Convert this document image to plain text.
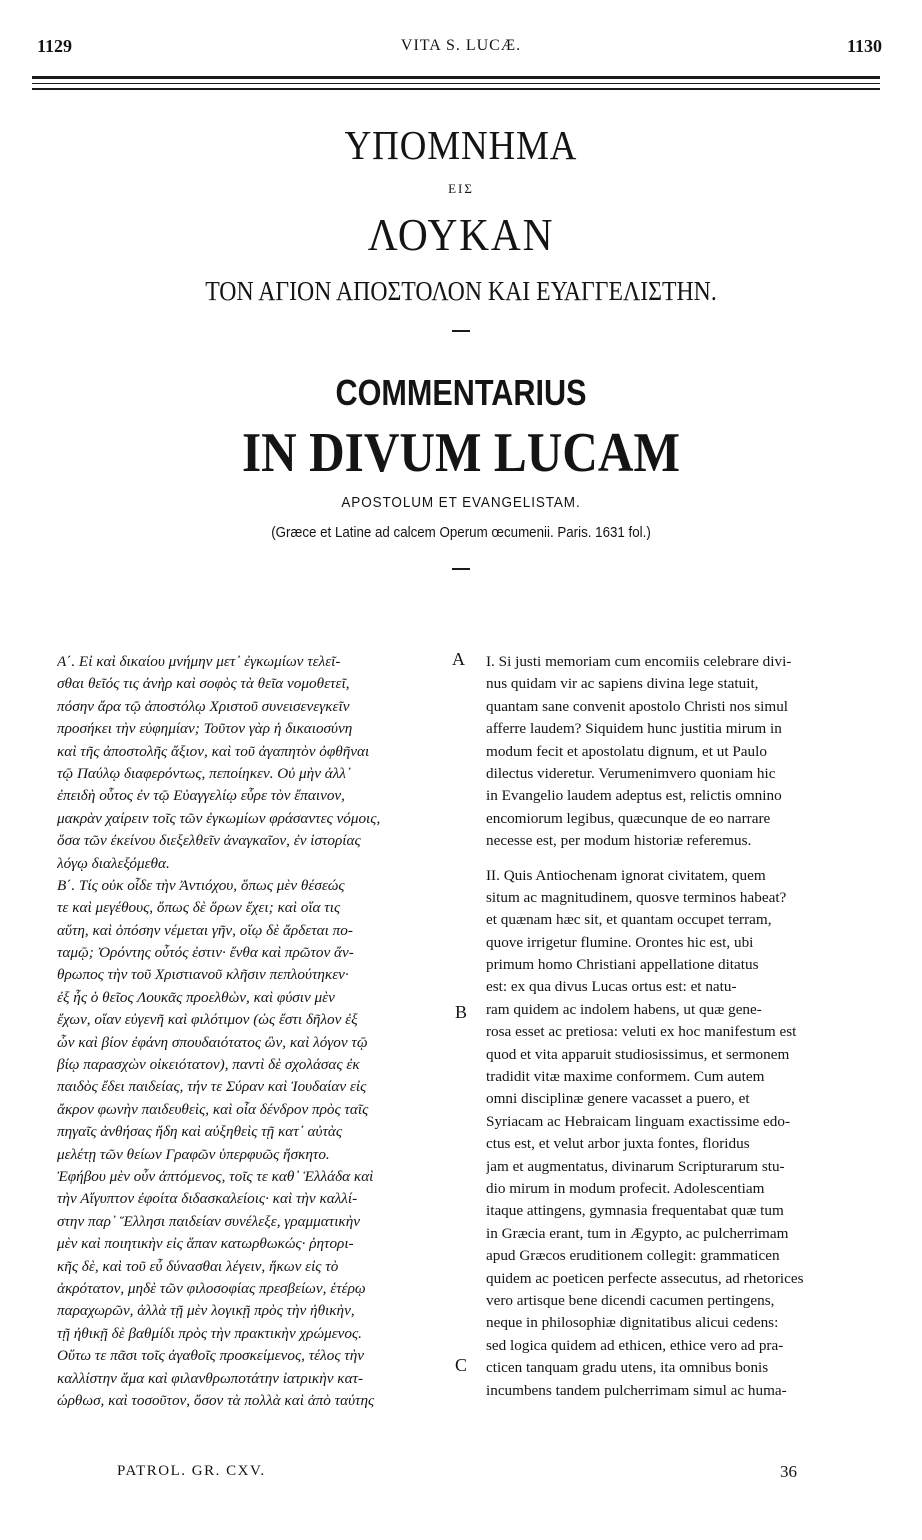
1129	VITA S. LUCÆ.	1130
ΥΠΟΜΝΗΜΑ
ΕΙΣ
ΛΟΥΚΑΝ
ΤΟΝ ΑΓΙΟΝ ΑΠΟΣΤΟΛΟΝ ΚΑΙ ΕΥΑΓΓΕΛΙΣΤΗΝ.
COMMENTARIUS
IN DIVUM LUCAM
APOSTOLUM ET EVANGELISTAM.
(Græce et Latine ad calcem Operum œcumenii. Paris. 1631 fol.)
Α΄. Εἰ καὶ δικαίου μνήμην μετ᾽ ἐγκωμίων τελεῖ-
σθαι θεῖός τις ἀνὴρ καὶ σοφὸς τὰ θεῖα νομοθετεῖ,
πόσην ἄρα τῷ ἀποστόλῳ Χριστοῦ συνεισενεγκεῖν
προσήκει τὴν εὐφημίαν; Τοῦτον γὰρ ἡ δικαιοσύνη
καὶ τῆς ἀποστολῆς ἄξιον, καὶ τοῦ ἀγαπητὸν ὀφθῆναι
τῷ Παύλῳ διαφερόντως, πεποίηκεν. Οὐ μὴν ἀλλ᾽
ἐπειδὴ οὗτος ἐν τῷ Εὐαγγελίῳ εὗρε τὸν ἔπαινον,
μακρὰν χαίρειν τοῖς τῶν ἐγκωμίων φράσαντες νόμοις,
ὅσα τῶν ἐκείνου διεξελθεῖν ἀναγκαῖον, ἐν ἱστορίας
λόγῳ διαλεξόμεθα.
Β΄. Τίς οὐκ οἶδε τὴν Ἀντιόχου, ὅπως μὲν θέσεώς
τε καὶ μεγέθους, ὅπως δὲ ὅρων ἔχει; καὶ οἵα τις
αὕτη, καὶ ὁπόσην νέμεται γῆν, οἵῳ δὲ ἄρδεται πο-
ταμῷ; Ὀρόντης οὗτός ἐστιν· ἔνθα καὶ πρῶτον ἄν-
θρωπος τὴν τοῦ Χριστιανοῦ κλῆσιν πεπλούτηκεν·
ἐξ ἧς ὁ θεῖος Λουκᾶς προελθὼν, καὶ φύσιν μὲν
ἔχων, οἵαν εὐγενῆ καὶ φιλότιμον (ὡς ἔστι δῆλον ἐξ
ὧν καὶ βίον ἐφάνη σπουδαιότατος ὢν, καὶ λόγον τῷ
βίῳ παρασχὼν οἰκειότατον), παντὶ δὲ σχολάσας ἐκ
παιδὸς ἔδει παιδείας, τήν τε Σύραν καὶ Ἰουδαίαν εἰς
ἄκρον φωνὴν παιδευθεὶς, καὶ οἷα δένδρον πρὸς ταῖς
πηγαῖς ἀνθήσας ἤδη καὶ αὐξηθεὶς τῇ κατ᾽ αὐτὰς
μελέτῃ τῶν θείων Γραφῶν ὑπερφυῶς ἤσκητο.
Ἐφήβου μὲν οὖν ἁπτόμενος, τοῖς τε καθ᾽ Ἑλλάδα καὶ
τὴν Αἴγυπτον ἐφοίτα διδασκαλείοις· καὶ τὴν καλλί-
στην παρ᾽ Ἕλλησι παιδείαν συνέλεξε, γραμματικὴν
μὲν καὶ ποιητικὴν εἰς ἅπαν κατωρθωκώς· ῥητορι-
κῆς δὲ, καὶ τοῦ εὖ δύνασθαι λέγειν, ἥκων εἰς τὸ
ἀκρότατον, μηδὲ τῶν φιλοσοφίας πρεσβείων, ἑτέρῳ
παραχωρῶν, ἀλλὰ τῇ μὲν λογικῇ πρὸς τὴν ἠθικὴν,
τῇ ἠθικῇ δὲ βαθμίδι πρὸς τὴν πρακτικὴν χρώμενος.
Οὕτω τε πᾶσι τοῖς ἀγαθοῖς προσκείμενος, τέλος τὴν
καλλίστην ἅμα καὶ φιλανθρωποτάτην ἰατρικὴν κατ-
ώρθωσ, καὶ τοσοῦτον, ὅσον τὰ πολλὰ καὶ ἀπὸ ταύτης
I. Si justi memoriam cum encomiis celebrare divi-
nus quidam vir ac sapiens divina lege statuit,
quantam sane convenit apostolo Christi nos simul
afferre laudem? Siquidem hunc justitia mirum in
modum fecit et apostolatu dignum, et ut Paulo
dilectus videretur. Verumenimvero quoniam hic
in Evangelio laudem adeptus est, relictis omnino
encomiorum legibus, quæcunque de eo narrare
necesse est, per modum historiæ referemus.
II. Quis Antiochenam ignorat civitatem, quem
situm ac magnitudinem, quosve terminos habeat?
et quænam hæc sit, et quantam occupet terram,
quove irrigetur flumine. Orontes hic est, ubi
primum homo Christiani appellatione ditatus
est: ex qua divus Lucas ortus est: et natu-
ram quidem ac indolem habens, ut quæ gene-
rosa esset ac pretiosa: veluti ex hoc manifestum est
quod et vita apparuit studiosissimus, et sermonem
tradidit vitæ maxime conformem. Cum autem
omni disciplinæ genere vacasset a puero, et
Syriacam ac Hebraicam linguam exactissime edo-
ctus est, et velut arbor juxta fontes, floridus
jam et augmentatus, divinarum Scripturarum stu-
dio mirum in modum profecit. Adolescentiam
itaque attingens, gymnasia frequentabat quæ tum
in Græcia erant, tum in Ægypto, ac pulcherrimam
apud Græcos eruditionem collegit: grammaticen
quidem ac poeticen perfecte assecutus, ad rhetorices
vero artisque bene dicendi cacumen pertingens,
neque in philosophiæ dignitatibus alicui cedens:
sed logica quidem ad ethicen, ethice vero ad pra-
cticen tanquam gradu utens, ita omnibus bonis
incumbens tandem pulcherrimam simul ac huma-
A
B
C
PATROL. GR. CXV.	36
